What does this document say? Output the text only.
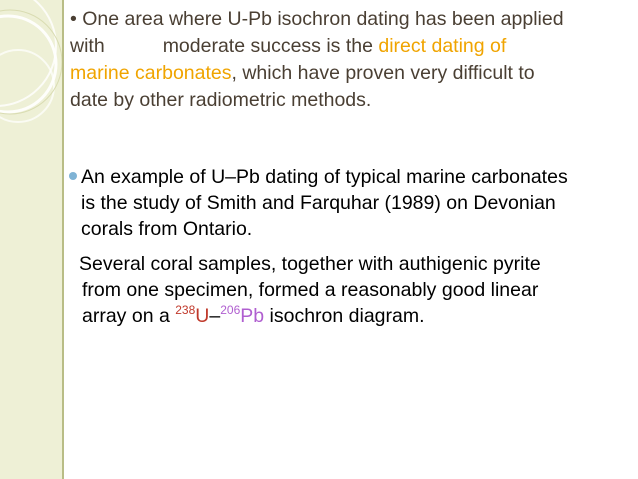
• One area where U-Pb isochron dating has been applied
with	moderate success is the direct dating of
marine carbonates, which have proven very difficult to
date by other radiometric methods.
An example of U–Pb dating of typical marine carbonates
is the study of Smith and Farquhar (1989) on Devonian
corals from Ontario.
Several coral samples, together with authigenic pyrite
from one specimen, formed a reasonably good linear
array on a $^{238}$U–$^{206}$Pb isochron diagram.
